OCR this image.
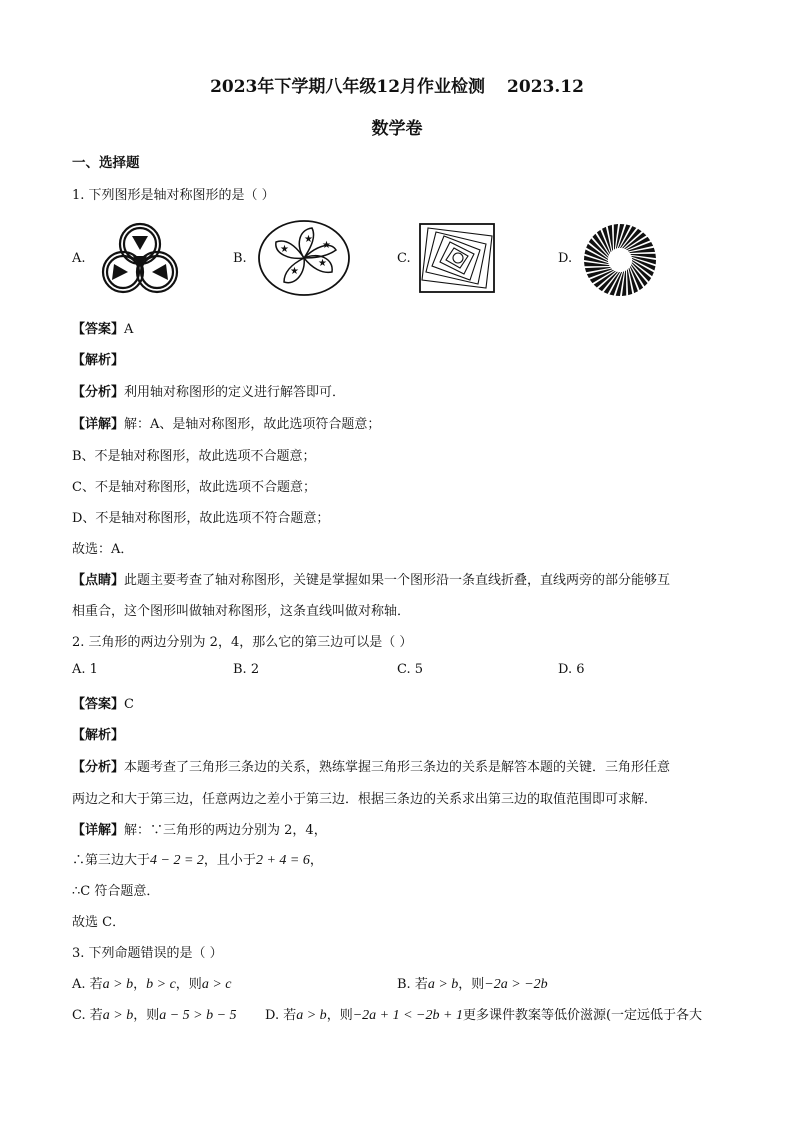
2023年下学期八年级12月作业检测 2023.12
数学卷
一、选择题
1. 下列图形是轴对称图形的是（ ）
A.	B.
★
★
★
★	★
C.	D.
【答案】A
【解析】
【分析】利用轴对称图形的定义进行解答即可．
【详解】解：A、是轴对称图形，故此选项符合题意；
B、不是轴对称图形，故此选项不合题意；
C、不是轴对称图形，故此选项不合题意；
D、不是轴对称图形，故此选项不符合题意；
故选：A．
【点睛】此题主要考查了轴对称图形，关键是掌握如果一个图形沿一条直线折叠，直线两旁的部分能够互
相重合，这个图形叫做轴对称图形，这条直线叫做对称轴．
2. 三角形的两边分别为 2，4，那么它的第三边可以是（ ）
A. 1	B. 2	C. 5	D. 6
【答案】C
【解析】
【分析】本题考查了三角形三条边的关系，熟练掌握三角形三条边的关系是解答本题的关键．三角形任意
两边之和大于第三边，任意两边之差小于第三边．根据三条边的关系求出第三边的取值范围即可求解．
【详解】解：∵三角形的两边分别为 2，4，
∴第三边大于4 − 2 = 2，且小于2 + 4 = 6，
∴C 符合题意．
故选 C．
3. 下列命题错误的是（ ）
A. 若a > b，b > c，则a > c	B. 若a > b，则−2a > −2b
C. 若a > b，则a − 5 > b − 5 D. 若a > b，则−2a + 1 < −2b + 1更多课件教案等低价滋源(一定远低于各大
